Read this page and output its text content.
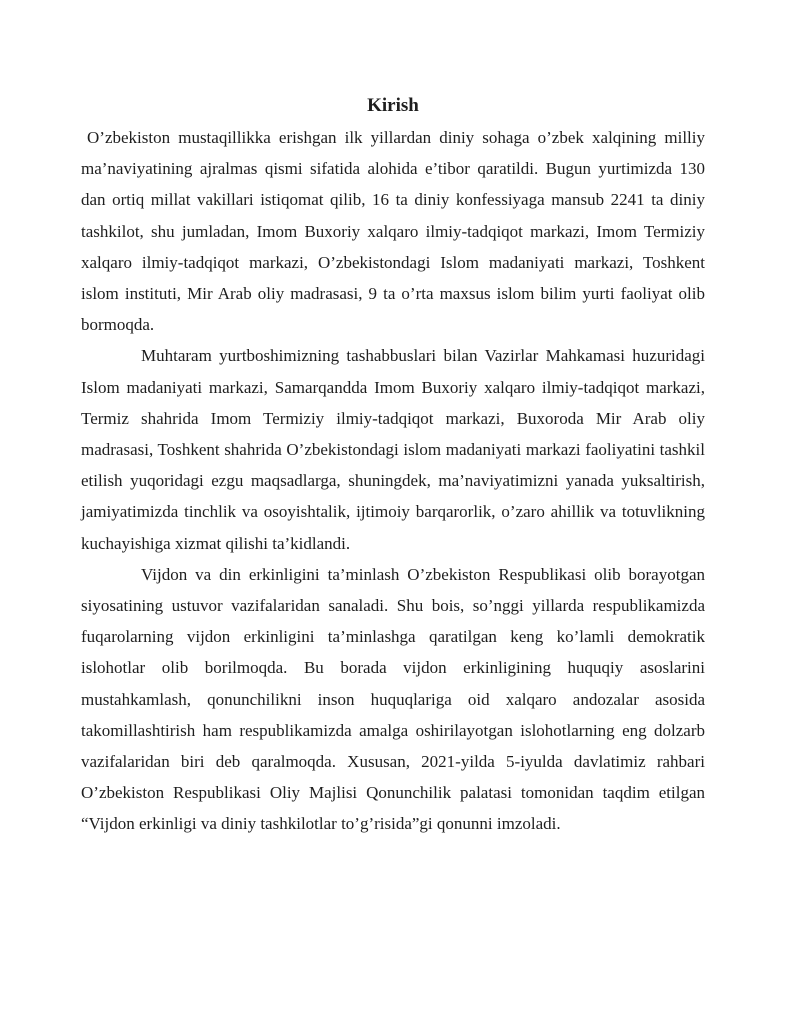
Kirish

O’zbekiston mustaqillikka erishgan ilk yillardan diniy sohaga o’zbek xalqining milliy ma’naviyatining ajralmas qismi sifatida alohida e’tibor qaratildi. Bugun yurtimizda 130 dan ortiq millat vakillari istiqomat qilib, 16 ta diniy konfessiyaga mansub 2241 ta diniy tashkilot, shu jumladan, Imom Buxoriy xalqaro ilmiy-tadqiqot markazi, Imom Termiziy xalqaro ilmiy-tadqiqot markazi, O’zbekistondagi Islom madaniyati markazi, Toshkent islom instituti, Mir Arab oliy madrasasi, 9 ta o’rta maxsus islom bilim yurti faoliyat olib bormoqda.

Muhtaram yurtboshimizning tashabbuslari bilan Vazirlar Mahkamasi huzuridagi Islom madaniyati markazi, Samarqandda Imom Buxoriy xalqaro ilmiy-tadqiqot markazi, Termiz shahrida Imom Termiziy ilmiy-tadqiqot markazi, Buxoroda Mir Arab oliy madrasasi, Toshkent shahrida O’zbekistondagi islom madaniyati markazi faoliyatini tashkil etilish yuqoridagi ezgu maqsadlarga, shuningdek, ma’naviyatimizni yanada yuksaltirish, jamiyatimizda tinchlik va osoyishtalik, ijtimoiy barqarorlik, o’zaro ahillik va totuvlikning kuchayishiga xizmat qilishi ta’kidlandi.

Vijdon va din erkinligini ta’minlash O’zbekiston Respublikasi olib borayotgan siyosatining ustuvor vazifalaridan sanaladi. Shu bois, so’nggi yillarda respublikamizda fuqarolarning vijdon erkinligini ta’minlashga qaratilgan keng ko’lamli demokratik islohotlar olib borilmoqda. Bu borada vijdon erkinligining huquqiy asoslarini mustahkamlash, qonunchilikni inson huquqlariga oid xalqaro andozalar asosida takomillashtirish ham respublikamizda amalga oshirilayotgan islohotlarning eng dolzarb vazifalaridan biri deb qaralmoqda. Xususan, 2021-yilda 5-iyulda davlatimiz rahbari O’zbekiston Respublikasi Oliy Majlisi Qonunchilik palatasi tomonidan taqdim etilgan “Vijdon erkinligi va diniy tashkilotlar to’g’risida”gi qonunni imzoladi.
